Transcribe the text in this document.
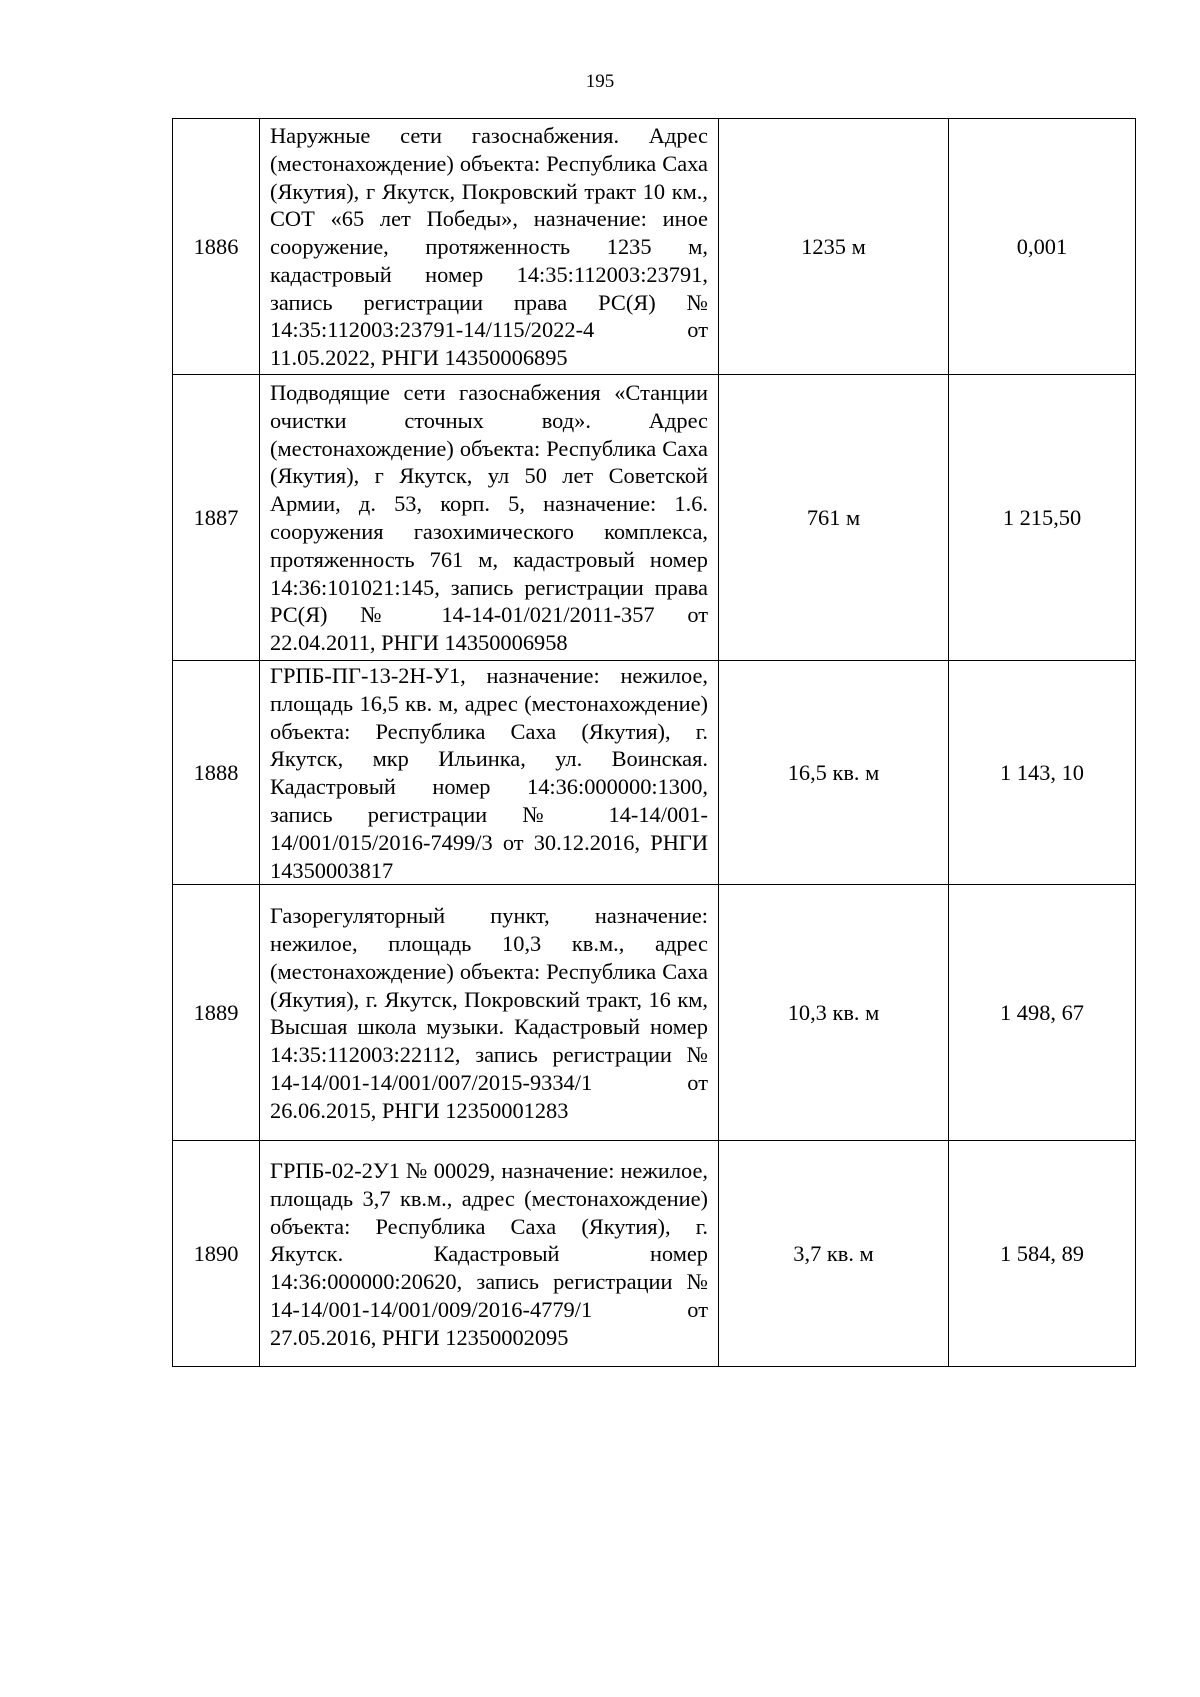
195
1886	Наружные сети газоснабжения. Адрес (местонахождение) объекта: Республика Саха (Якутия), г Якутск, Покровский тракт 10 км., СОТ «65 лет Победы», назначение: иное сооружение, протяженность 1235 м, кадастровый номер 14:35:112003:23791, запись регистрации права РС(Я) № 14:35:112003:23791-14/115/2022-4 от 11.05.2022, РНГИ 14350006895	1235 м	0,001
1887	Подводящие сети газоснабжения «Станции очистки сточных вод». Адрес (местонахождение) объекта: Республика Саха (Якутия), г Якутск, ул 50 лет Советской Армии, д. 53, корп. 5, назначение: 1.6. сооружения газохимического комплекса, протяженность 761 м, кадастровый номер 14:36:101021:145, запись регистрации права РС(Я) № 14-14-01/021/2011-357 от 22.04.2011, РНГИ 14350006958	761 м	1 215,50
1888	ГРПБ-ПГ-13-2Н-У1, назначение: нежилое, площадь 16,5 кв. м, адрес (местонахождение) объекта: Республика Саха (Якутия), г. Якутск, мкр Ильинка, ул. Воинская. Кадастровый номер 14:36:000000:1300, запись регистрации № 14-14/001-14/001/015/2016-7499/3 от 30.12.2016, РНГИ 14350003817	16,5 кв. м	1 143, 10
1889	Газорегуляторный пункт, назначение: нежилое, площадь 10,3 кв.м., адрес (местонахождение) объекта: Республика Саха (Якутия), г. Якутск, Покровский тракт, 16 км, Высшая школа музыки. Кадастровый номер 14:35:112003:22112, запись регистрации № 14-14/001-14/001/007/2015-9334/1 от 26.06.2015, РНГИ 12350001283	10,3 кв. м	1 498, 67
1890	ГРПБ-02-2У1 № 00029, назначение: нежилое, площадь 3,7 кв.м., адрес (местонахождение) объекта: Республика Саха (Якутия), г. Якутск. Кадастровый номер 14:36:000000:20620, запись регистрации № 14-14/001-14/001/009/2016-4779/1 от 27.05.2016, РНГИ 12350002095	3,7 кв. м	1 584, 89
